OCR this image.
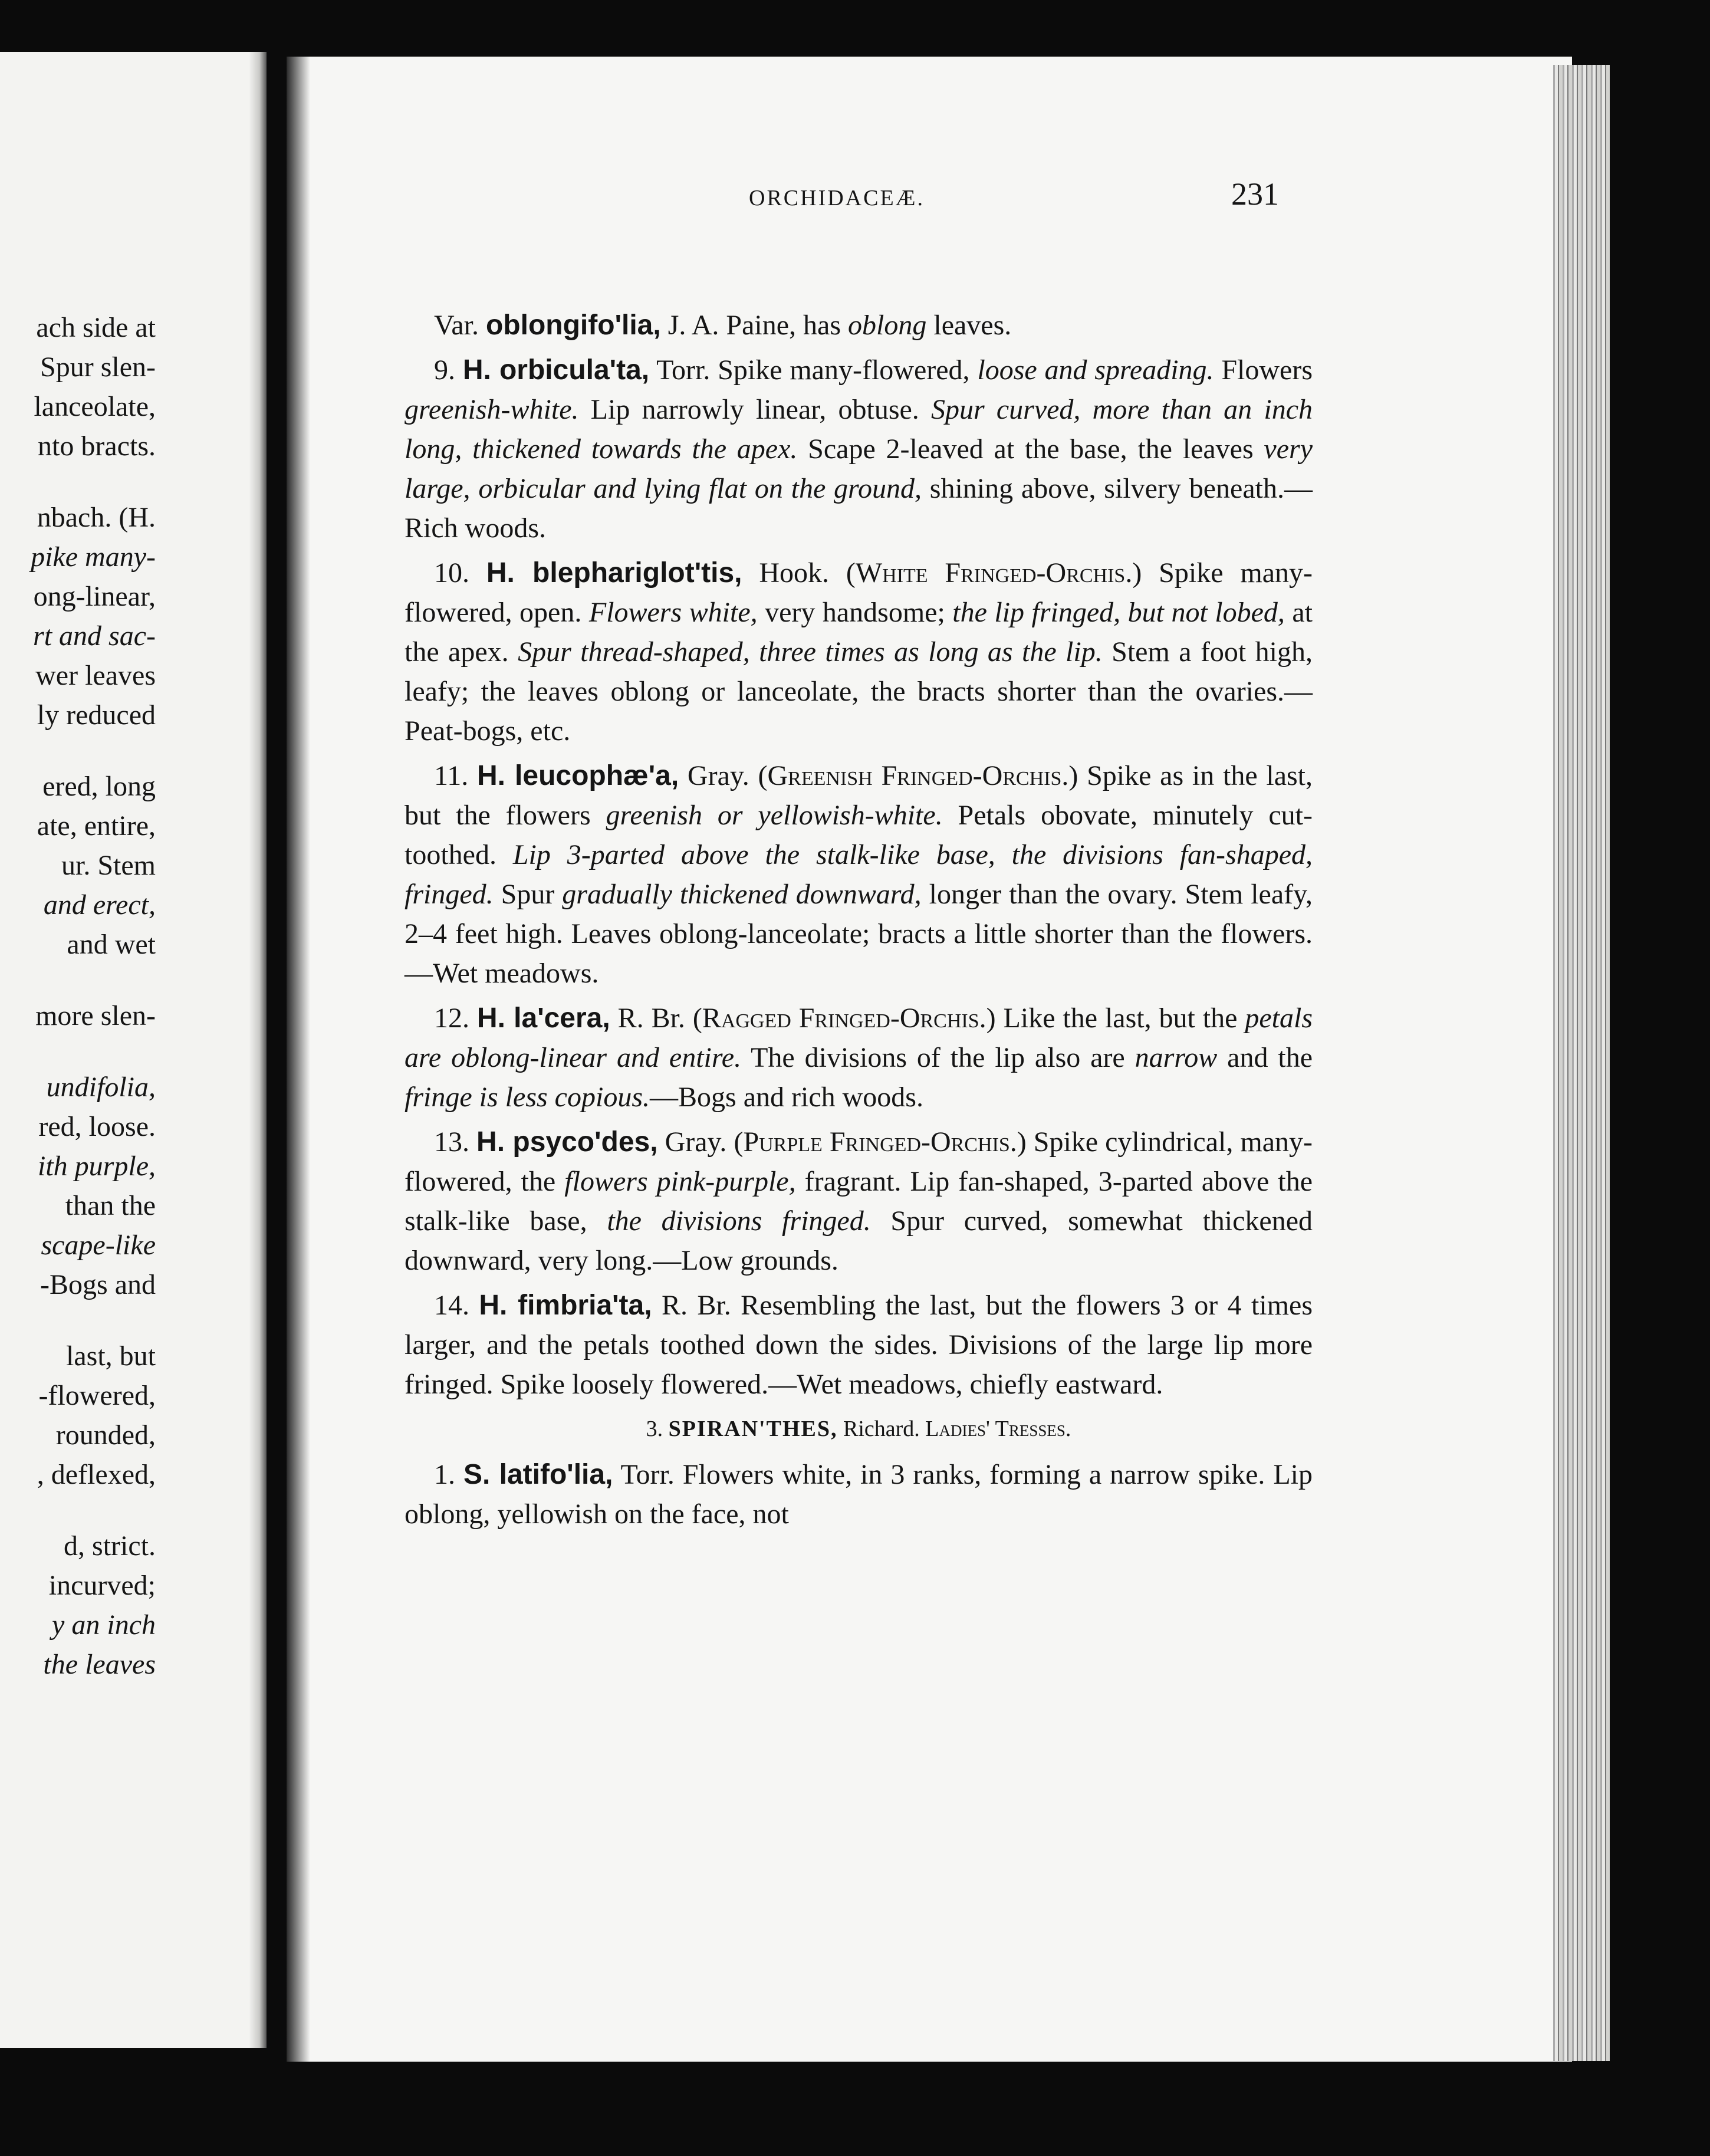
ach side at
Spur slen-
lanceolate,
nto bracts.
nbach. (H.
pike many-
ong-linear,
rt and sac-
wer leaves
ly reduced
ered, long
ate, entire,
ur. Stem
and erect,
and wet
more slen-
undifolia,
red, loose.
ith purple,
than the
scape-like
-Bogs and
last, but
-flowered,
rounded,
, deflexed,
d, strict.
incurved;
y an inch
the leaves
ORCHIDACEÆ.	231

Var. oblongifo'lia, J. A. Paine, has oblong leaves.

9. H. orbicula'ta, Torr. Spike many-flowered, loose and spreading. Flowers greenish-white. Lip narrowly linear, obtuse. Spur curved, more than an inch long, thickened towards the apex. Scape 2-leaved at the base, the leaves very large, orbicular and lying flat on the ground, shining above, silvery beneath.—Rich woods.

10. H. blephariglot'tis, Hook. (White Fringed-Orchis.) Spike many-flowered, open. Flowers white, very handsome; the lip fringed, but not lobed, at the apex. Spur thread-shaped, three times as long as the lip. Stem a foot high, leafy; the leaves oblong or lanceolate, the bracts shorter than the ovaries.—Peat-bogs, etc.

11. H. leucophæ'a, Gray. (Greenish Fringed-Orchis.) Spike as in the last, but the flowers greenish or yellowish-white. Petals obovate, minutely cut-toothed. Lip 3-parted above the stalk-like base, the divisions fan-shaped, fringed. Spur gradually thickened downward, longer than the ovary. Stem leafy, 2–4 feet high. Leaves oblong-lanceolate; bracts a little shorter than the flowers.—Wet meadows.

12. H. la'cera, R. Br. (Ragged Fringed-Orchis.) Like the last, but the petals are oblong-linear and entire. The divisions of the lip also are narrow and the fringe is less copious.—Bogs and rich woods.

13. H. psyco'des, Gray. (Purple Fringed-Orchis.) Spike cylindrical, many-flowered, the flowers pink-purple, fragrant. Lip fan-shaped, 3-parted above the stalk-like base, the divisions fringed. Spur curved, somewhat thickened downward, very long.—Low grounds.

14. H. fimbria'ta, R. Br. Resembling the last, but the flowers 3 or 4 times larger, and the petals toothed down the sides. Divisions of the large lip more fringed. Spike loosely flowered.—Wet meadows, chiefly eastward.

3. SPIRAN'THES, Richard. Ladies' Tresses.

1. S. latifo'lia, Torr. Flowers white, in 3 ranks, forming a narrow spike. Lip oblong, yellowish on the face, not
